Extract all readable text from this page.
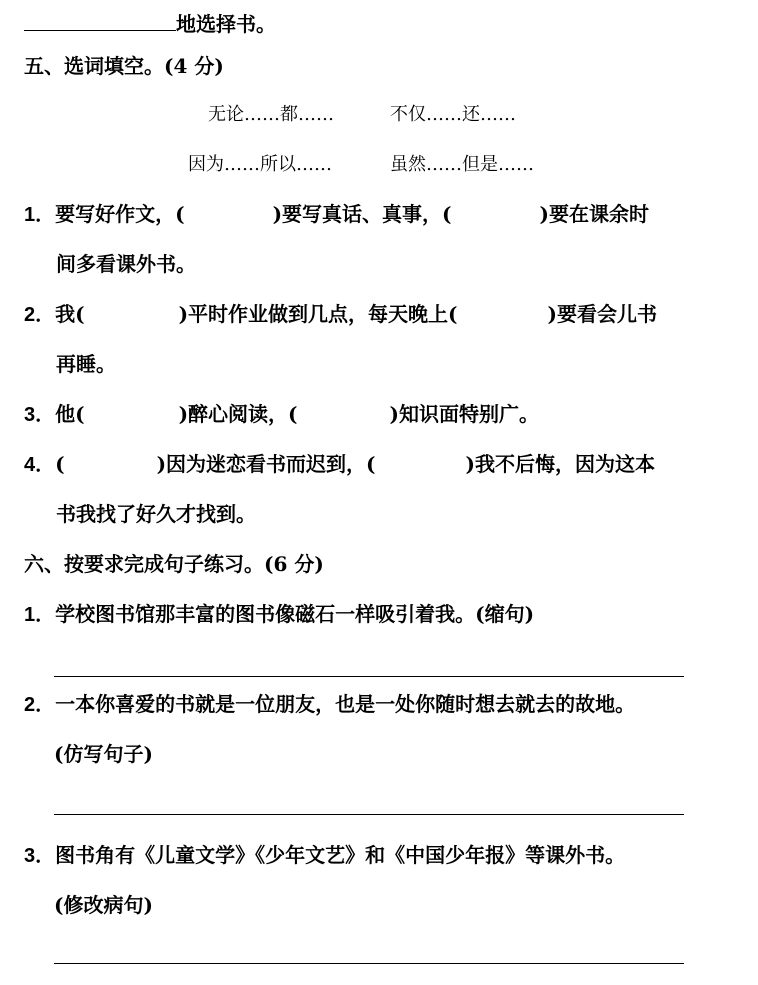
地选择书。
五、选词填空。(4 分)
无论……都……	不仅……还……
因为……所以……	虽然……但是……
1．要写好作文，(	)要写真话、真事，(	)要在课余时
间多看课外书。
2．我(	)平时作业做到几点，每天晚上(	)要看会儿书
再睡。
3．他(	)醉心阅读，(	)知识面特别广。
4．(	)因为迷恋看书而迟到，(	)我不后悔，因为这本
书我找了好久才找到。
六、按要求完成句子练习。(6 分)
1．学校图书馆那丰富的图书像磁石一样吸引着我。(缩句)
2．一本你喜爱的书就是一位朋友，也是一处你随时想去就去的故地。
(仿写句子)
3．图书角有《儿童文学》《少年文艺》和《中国少年报》等课外书。
(修改病句)
